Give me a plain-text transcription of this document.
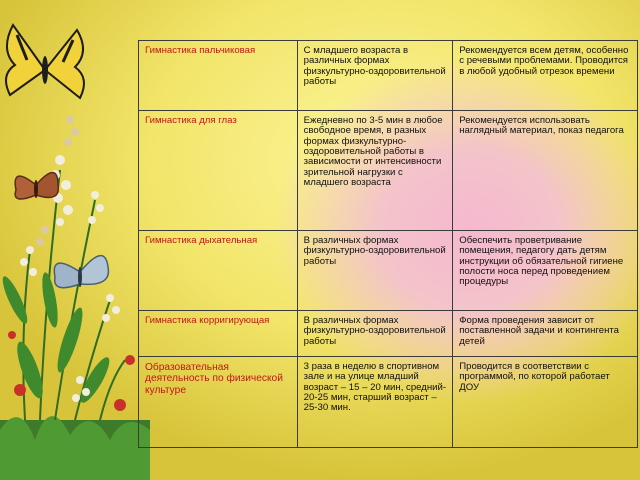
Гимнастика пальчиковая	С младшего возраста в различных формах физкультурно-оздоровительной работы	Рекомендуется всем детям, особенно с речевыми проблемами. Проводится в любой удобный отрезок времени
Гимнастика для глаз	Ежедневно по 3-5 мин в любое свободное время, в разных формах физкультурно-оздоровительной работы в зависимости от интенсивности зрительной нагрузки с младшего возраста	Рекомендуется использовать наглядный материал, показ педагога
Гимнастика дыхательная	В различных формах физкультурно-оздоровительной работы	Обеспечить проветривание помещения, педагогу дать детям инструкции об обязательной гигиене полости носа перед проведением процедуры
Гимнастика корригирующая	В различных формах физкультурно-оздоровительной работы	Форма проведения зависит от поставленной задачи и контингента детей
Образовательная деятельность по физической культуре	3 раза в неделю в спортивном зале и на улице младший возраст – 15 – 20 мин, средний- 20-25 мин, старший возраст – 25-30 мин.	Проводится в соответствии с программой, по которой работает ДОУ
